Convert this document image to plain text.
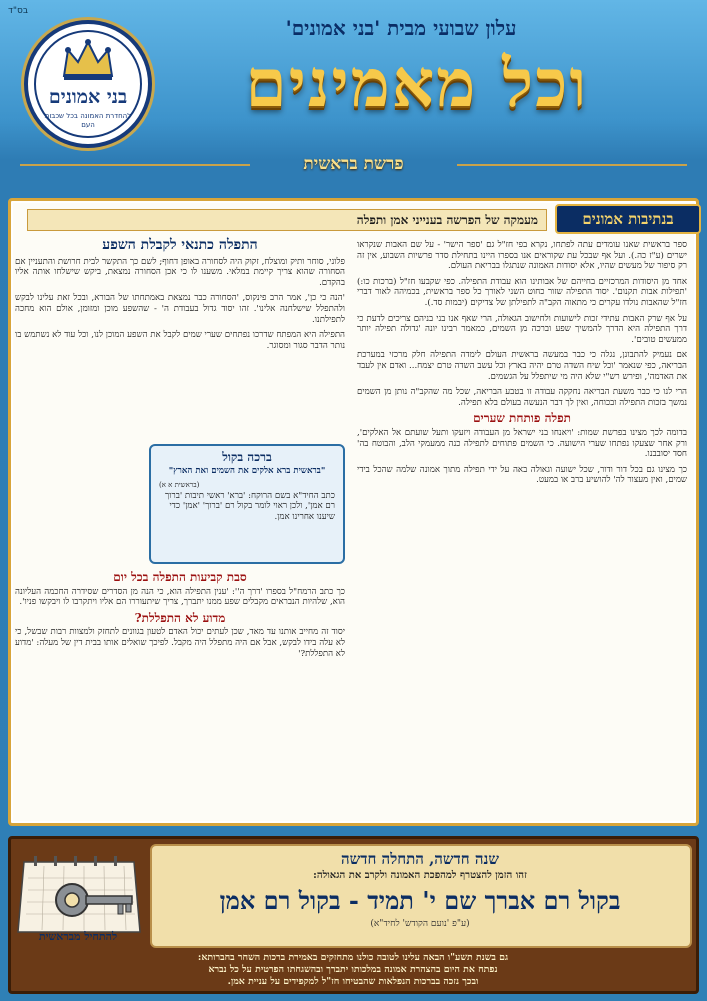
בס"ד
עלון שבועי מבית 'בני אמונים'
וכל מאמינים
בני אמונים
להחדרת האמונה בכל שכבות העם
פרשת בראשית
בנתיבות אמונים
מעמקה של הפרשה בענייני אמן ותפלה

ספר בראשית שאנו עומדים עתה לפתחו, נקרא בפי חז"ל גם 'ספר הישר' - על שם האבות שנקראו ישרים (ע"ז כה.). ועל אף שבכל עת שקוראים אנו בספרו היינו בתחילת סדר פרשיות השבוע, אין זה רק סיפור של מעשים שהיו, אלא יסודות האמונה שנתגלו בבריאת העולם.

אחד מן היסודות המרכזיים בחייהם של אבותינו הוא עבודת התפילה. כפי שקבעו חז"ל (ברכות כו:) 'תפילות אבות תקנום'. יסוד התפילה שזור כחוט השני לאורך כל ספר בראשית, בכמיהה לאור דברי חז"ל שהאבות נולדו עקרים כי מתאוה הקב"ה לתפילתן של צדיקים (יבמות סד.).

על אף שרק האבות עתידי זכות לישועות ולחישוב הגאולה, הרי שאף אנו בני בניהם צריכים לדעת כי דרך התפילה היא הדרך להמשיך שפע וברכה מן השמים, כמאמר רבינו יונה 'גדולה תפילה יותר ממעשים טובים'.

אם נעמיק להתבונן, נגלה כי כבר במעשה בראשית העולם לימדה התפילה חלק מרכזי במערכת הבריאה, כפי שנאמר 'וכל שיח השדה טרם יהיה בארץ וכל עשב השדה טרם יצמח... ואדם אין לעבד את האדמה', ופירש רש"י שלא היה מי שיתפלל על הגשמים.

הרי לנו כי כבר משעת הבריאה נחקקה עבודה זו בטבע הבריאה, שכל מה שהקב"ה נותן מן השמים נמשך בזכות התפילה ובכוחה, ואין לך דבר הנעשה בעולם בלא תפילה.

תפלה פותחת שערים

בדומה לכך מצינו בפרשת שמות: 'ויאנחו בני ישראל מן העבודה ויזעקו ותעל שועתם אל האלקים', ורק אחר שצעקו נפתחו שערי הישועה. כי השמים פתוחים לתפילה כנה ממעמקי הלב, והבוטח בה' חסד יסובבנו.

כך מצינו גם בכל דור ודור, שכל ישועה וגאולה באה על ידי תפילה מתוך אמונה שלמה שהכל בידי שמים, ואין מעצור לה' להושיע ברב או במעט.

התפלה כתנאי לקבלת השפע

פלוני, סוחר ותיק ומוצלח, זקוק היה לסחורה באופן דחוף; לשם כך התקשר לבית חרושת והתעניין אם הסחורה שהוא צריך קיימת במלאי. משענו לו כי אכן הסחורה נמצאת, ביקש שישלחו אותה אליו בהקדם.

'הנה כי כן', אמר הרב פינקוס, 'הסחורה כבר נמצאת באמתחתו של הבורא, ובכל זאת עלינו לבקש ולהתפלל שישלחנה אלינו'. זהו יסוד גדול בעבודת ה' - שהשפע מוכן ומזומן, אולם הוא מחכה לתפילתנו.

התפילה היא המפתח שדרכו נפתחים שערי שמים לקבל את השפע המוכן לנו, וכל עוד לא נשתמש בו נותר הדבר סגור ומסוגר.

ברכה בקול
"בראשית ברא אלקים את השמים ואת הארץ"
(בראשית א א)
כתב החיד"א בשם הרוקח: 'ברא' ראשי תיבות 'ברוך רם אמן', ולכן ראוי לומר בקול רם 'ברוך' 'אמן' כדי שיענו אחרינו אמן.
סבת קביעות התפלה בכל יום

כך כתב הרמח"ל בספרו 'דרך ה'': 'ענין התפילה הוא, כי הנה מן הסדרים שסידרה החכמה העליונה הוא, שלהיות הנבראים מקבלים שפע ממנו יתברך, צריך שיתעוררו הם אליו ויתקרבו לו ויבקשו פניו'.

מדוע לא התפללת?

יסוד זה מחייב אותנו עד מאד, שכן לעתים יכול האדם לטעון בגוונים לתחזק ולמצוות רבות שבשל, כי לא עלה בידו לבקש, אבל אם היה מתפלל היה מקבל. לפיכך שואלים אותו בבית דין של מעלה: 'מדוע לא התפללת?'

שנה חדשה, התחלה חדשה
זהו הזמן להצטרף למהפכת האמונה ולקרב את הגאולה:
בקול רם אברך שם י' תמיד - בקול רם אמן
(ע"פ 'נועם הקודש' לחיד"א)
להתחיל מבראשית
גם בשנת תשע"ו הבאה עלינו לטובה כולנו מתחזקים באמירת ברכות השחר בחברותא:
נפתח את היום בהצהרת אמונה במלכותו יתברך ובהשגחתו הפרטית על כל נברא
ובכך נזכה בברכות הנפלאות שהבטיחו חז"ל למקפידים על עניית אמן.
